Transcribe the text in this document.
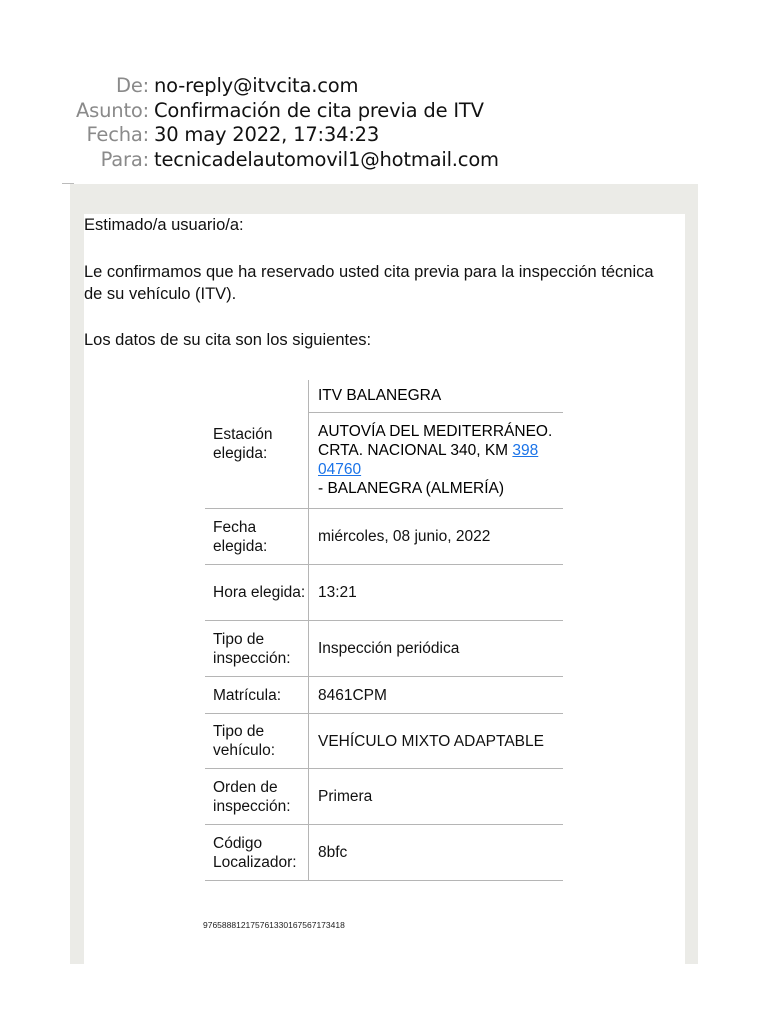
De: no-reply@itvcita.com
Asunto: Confirmación de cita previa de ITV
Fecha: 30 may 2022, 17:34:23
Para: tecnicadelautomovil1@hotmail.com
Estimado/a usuario/a:
Le confirmamos que ha reservado usted cita previa para la inspección técnica de su vehículo (ITV).
Los datos de su cita son los siguientes:
Estación elegida:
ITV BALANEGRA
AUTOVÍA DEL MEDITERRÁNEO. CRTA. NACIONAL 340, KM 398 04760
- BALANEGRA (ALMERÍA)
Fecha elegida:
miércoles, 08 junio, 2022
Hora elegida: 13:21
Tipo de inspección:
Inspección periódica
Matrícula:	8461CPM
Tipo de vehículo:
VEHÍCULO MIXTO ADAPTABLE
Orden de inspección:
Primera
Código Localizador:
8bfc
97658881217576133016756717341​8
